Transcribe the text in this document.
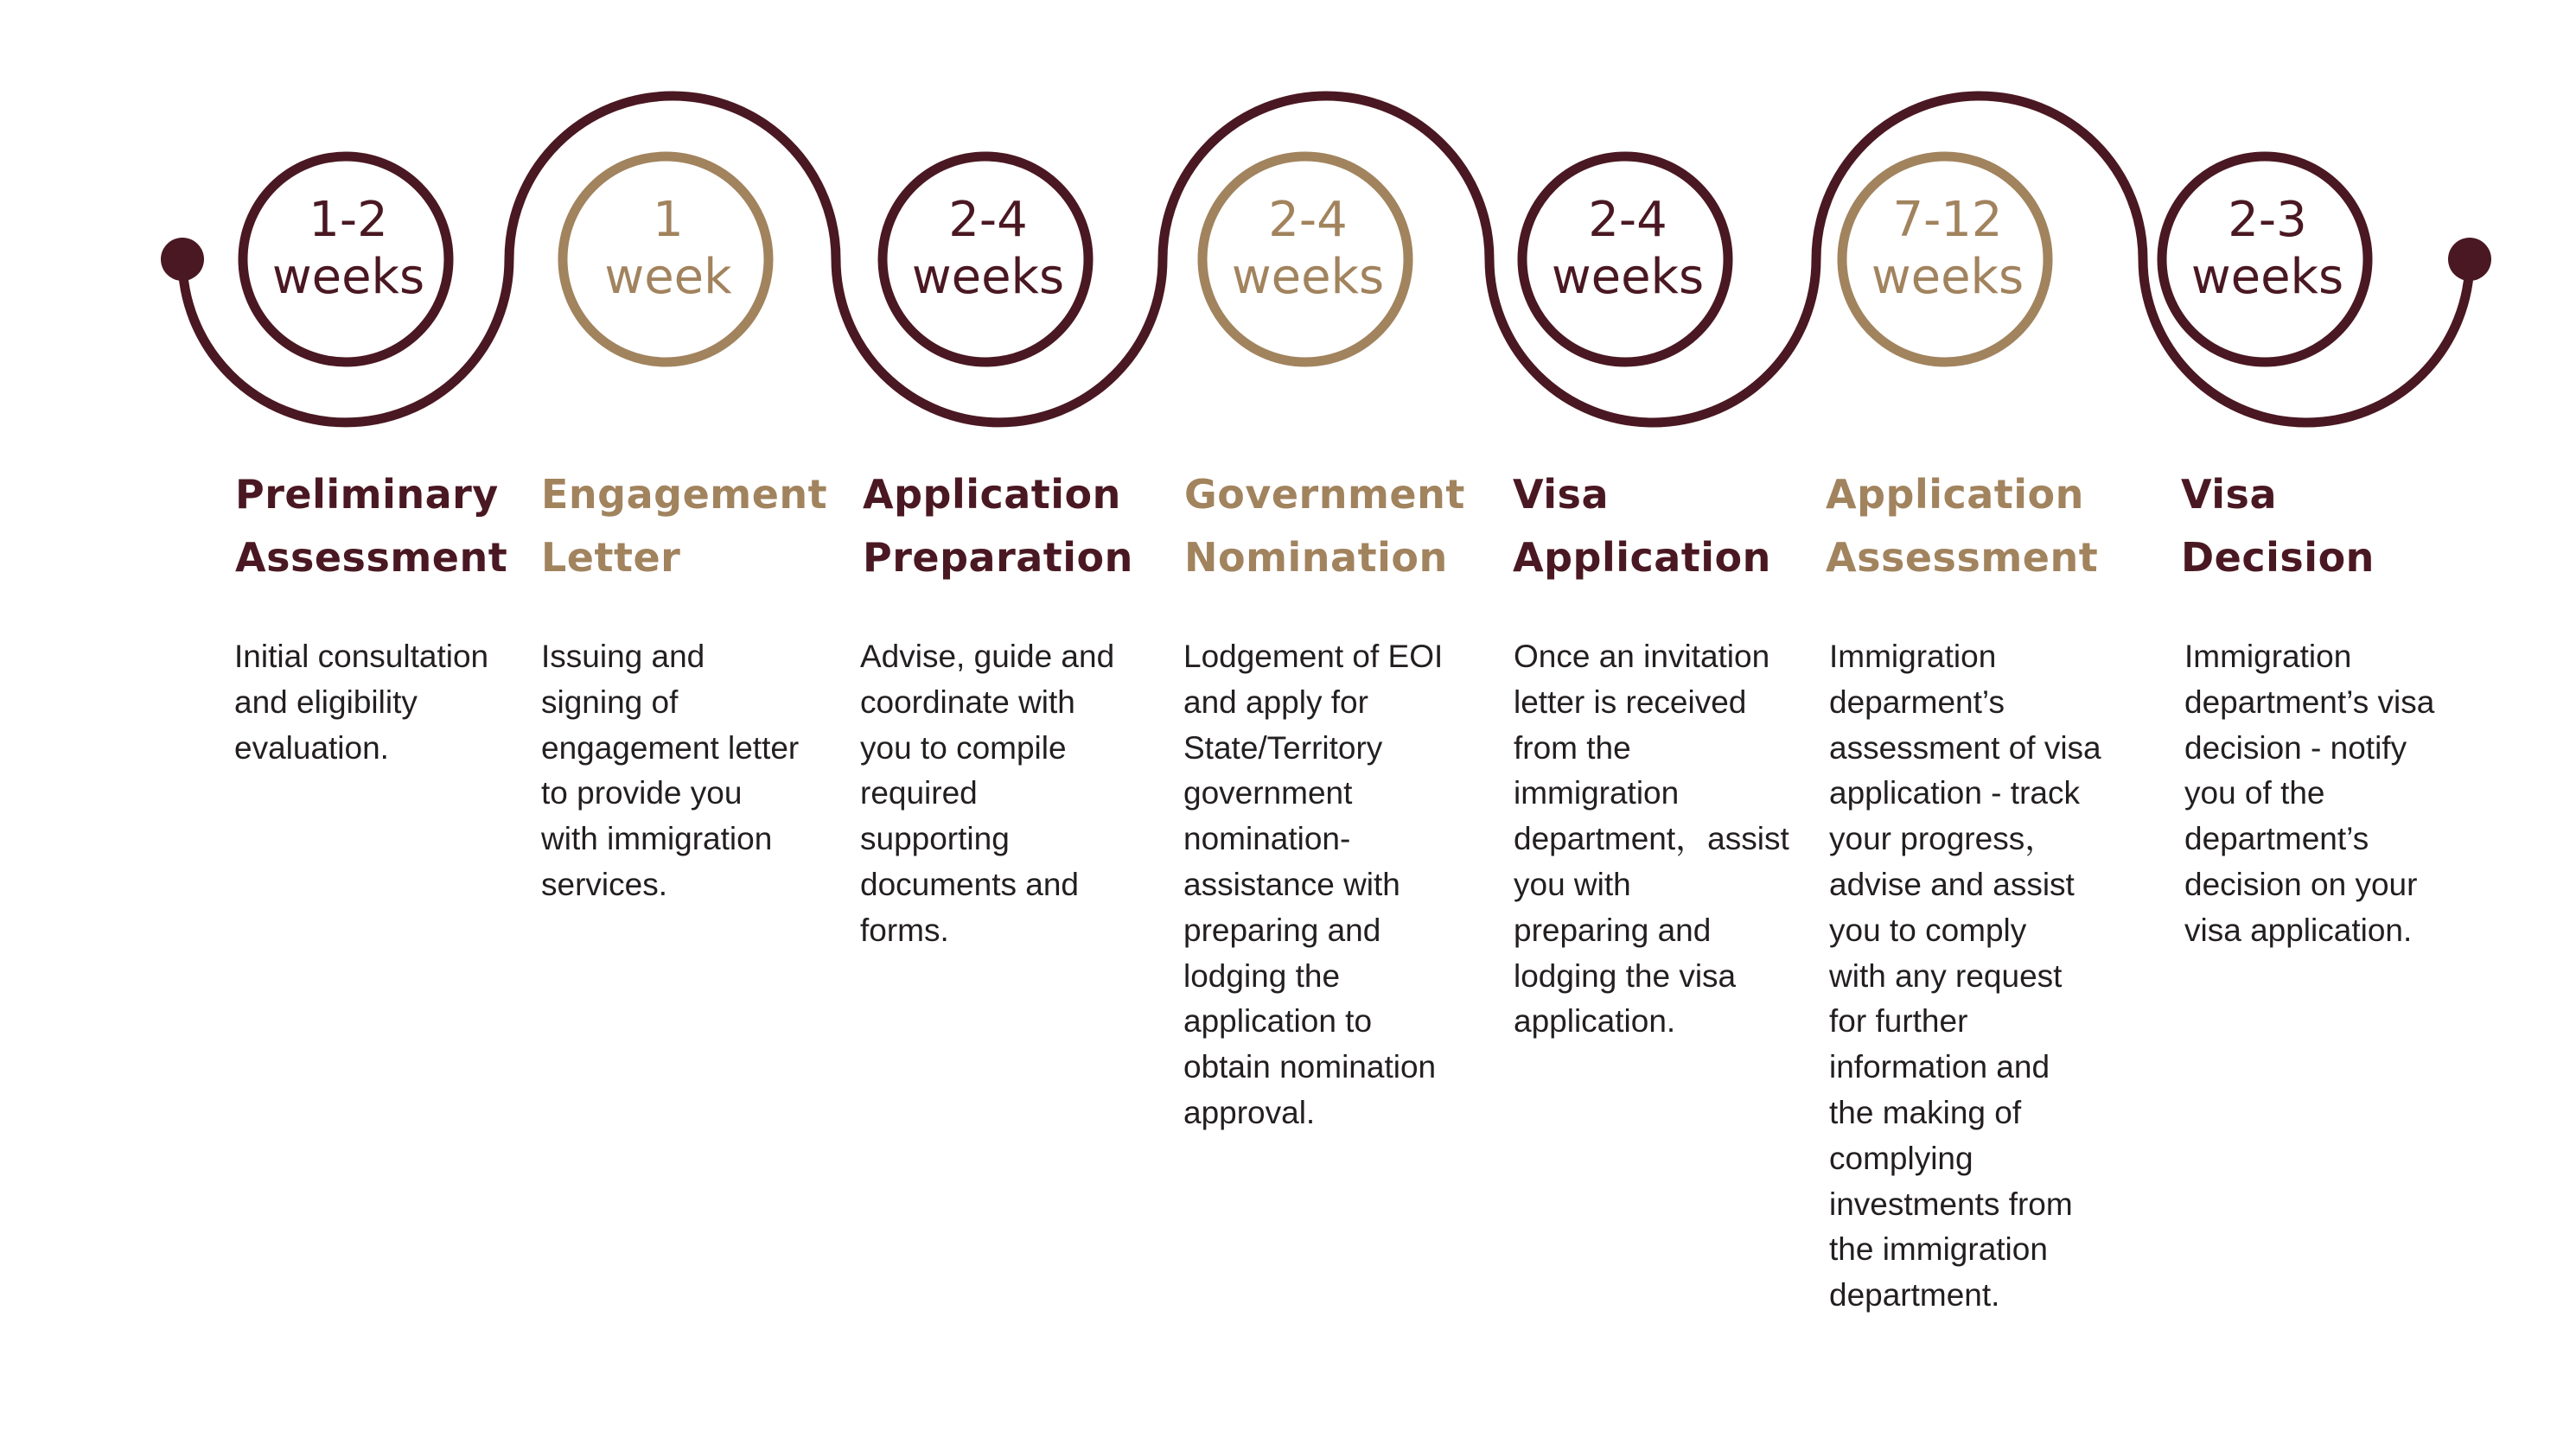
1-2
weeks
Preliminary
Assessment
Initial consultation
and eligibility
evaluation.
1
week
Engagement
Letter
Issuing and
signing of
engagement letter
to provide you
with immigration
services.
2-4
weeks
Application
Preparation
Advise, guide and
coordinate with
you to compile
required
supporting
documents and
forms.
2-4
weeks
Government
Nomination
Lodgement of EOI
and apply for
State/Territory
government
nomination-
assistance with
preparing and
lodging the
application to
obtain nomination
approval.
2-4
weeks
Visa
Application
Once an invitation
letter is received
from the
immigration
department，assist
you with
preparing and
lodging the visa
application.
7-12
weeks
Application
Assessment
Immigration
deparment’s
assessment of visa
application - track
your progress，
advise and assist
you to comply
with any request
for further
information and
the making of
complying
investments from
the immigration
department.
2-3
weeks
Visa
Decision
Immigration
department’s visa
decision - notify
you of the
department’s
decision on your
visa application.
